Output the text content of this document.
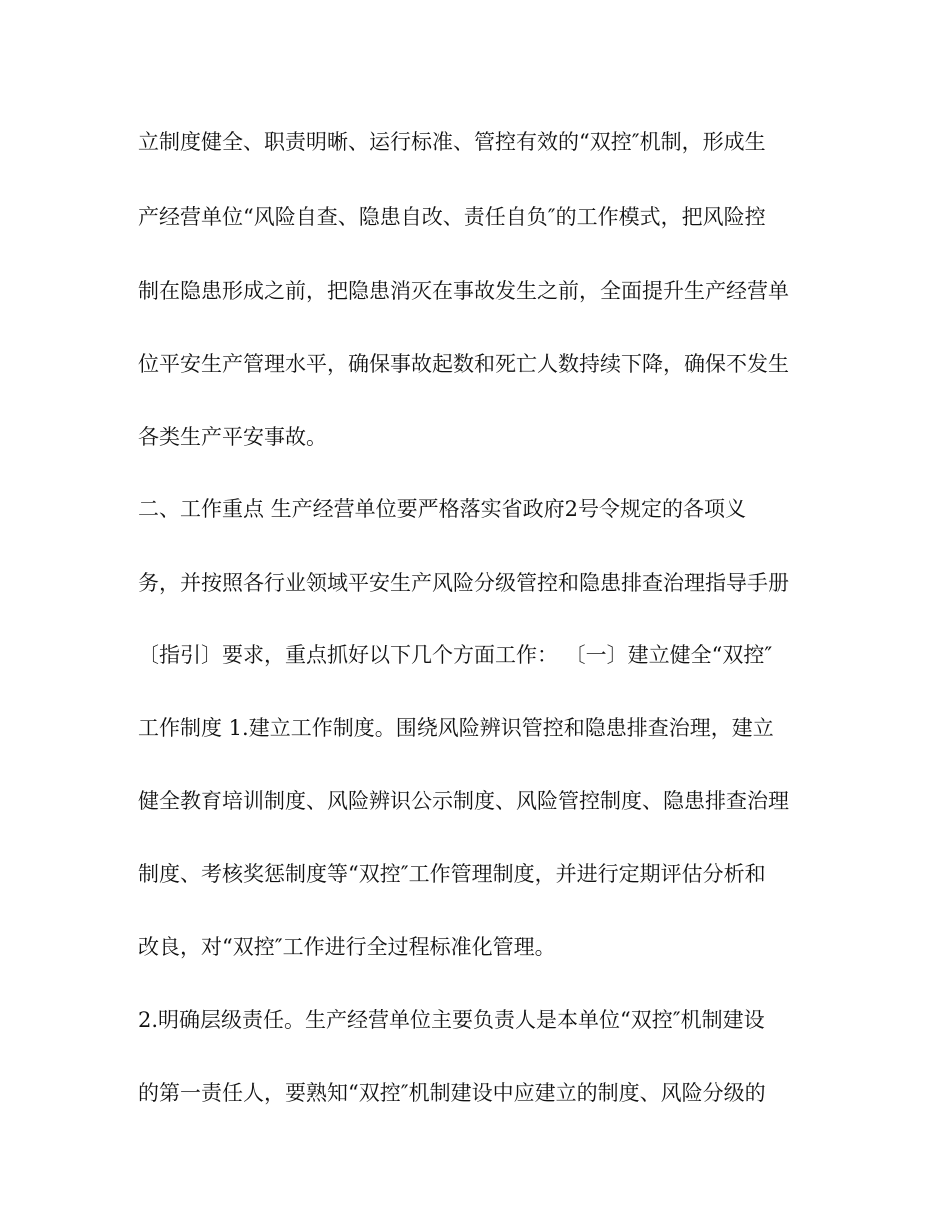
立制度健全、职责明晰、运行标准、管控有效的“双控″机制，形成生
产经营单位“风险自查、隐患自改、责任自负″的工作模式，把风险控
制在隐患形成之前，把隐患消灭在事故发生之前，全面提升生产经营单
位平安生产管理水平，确保事故起数和死亡人数持续下降，确保不发生
各类生产平安事故。
二、工作重点 生产经营单位要严格落实省政府2号令规定的各项义
务，并按照各行业领域平安生产风险分级管控和隐患排查治理指导手册
〔指引〕要求，重点抓好以下几个方面工作： 〔一〕建立健全“双控″
工作制度 1.建立工作制度。围绕风险辨识管控和隐患排查治理，建立
健全教育培训制度、风险辨识公示制度、风险管控制度、隐患排查治理
制度、考核奖惩制度等“双控″工作管理制度，并进行定期评估分析和
改良，对“双控″工作进行全过程标准化管理。
2.明确层级责任。生产经营单位主要负责人是本单位“双控″机制建设
的第一责任人，要熟知“双控″机制建设中应建立的制度、风险分级的
